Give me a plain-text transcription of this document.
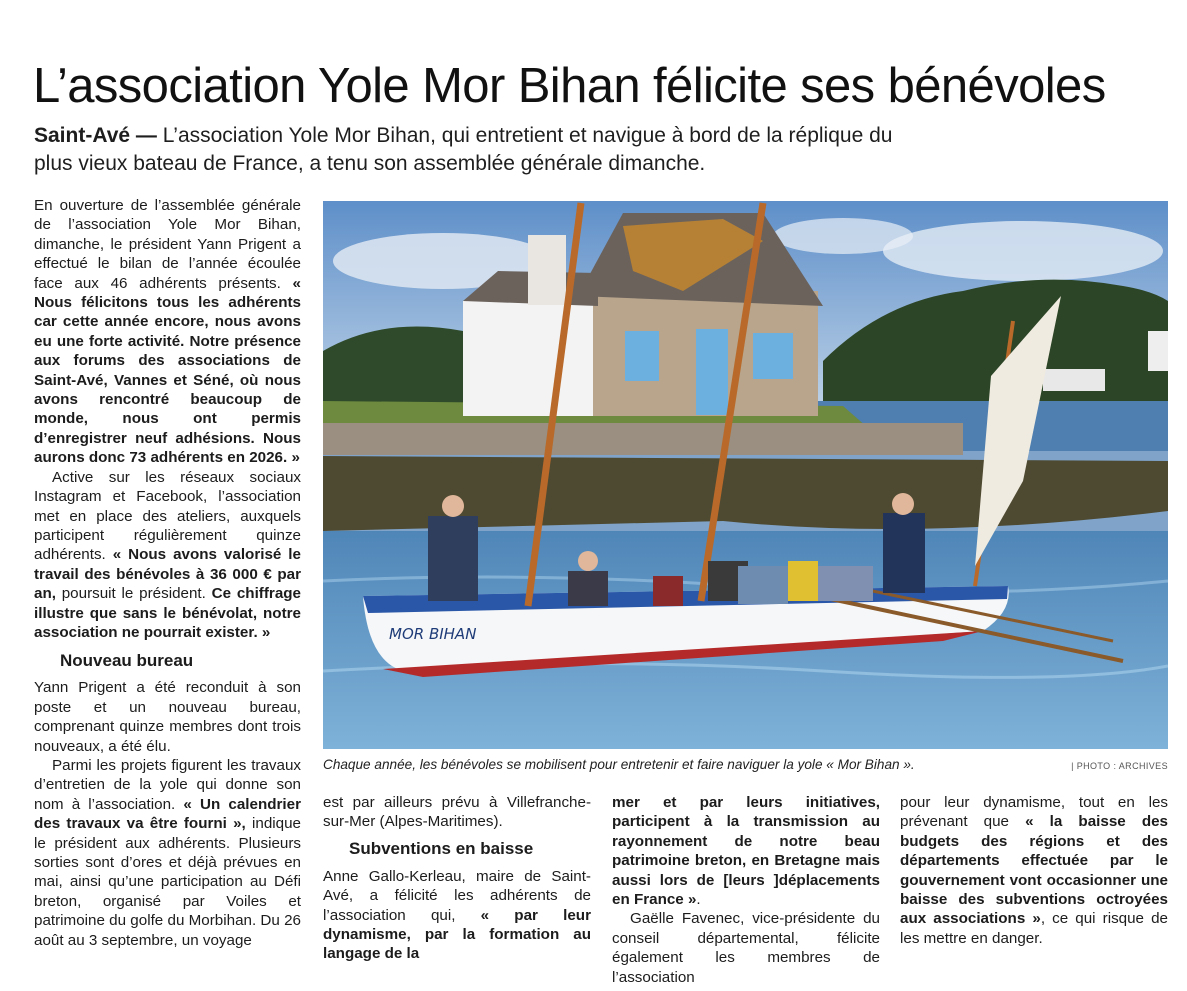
L’association Yole Mor Bihan félicite ses bénévoles
Saint-Avé — L’association Yole Mor Bihan, qui entretient et navigue à bord de la réplique du plus vieux bateau de France, a tenu son assemblée générale dimanche.

En ouverture de l’assemblée générale de l’association Yole Mor Bihan, dimanche, le président Yann Prigent a effectué le bilan de l’année écoulée face aux 46 adhérents présents. « Nous félicitons tous les adhérents car cette année encore, nous avons eu une forte activité. Notre présence aux forums des associations de Saint-Avé, Vannes et Séné, où nous avons rencontré beaucoup de monde, nous ont permis d’enregistrer neuf adhésions. Nous aurons donc 73 adhérents en 2026. »

Active sur les réseaux sociaux Instagram et Facebook, l’association met en place des ateliers, auxquels participent régulièrement quinze adhérents. « Nous avons valorisé le travail des bénévoles à 36 000 € par an, poursuit le président. Ce chiffrage illustre que sans le bénévolat, notre association ne pourrait exister. »

Nouveau bureau

Yann Prigent a été reconduit à son poste et un nouveau bureau, comprenant quinze membres dont trois nouveaux, a été élu.

Parmi les projets figurent les travaux d’entretien de la yole qui donne son nom à l’association. « Un calendrier des travaux va être fourni », indique le président aux adhérents. Plusieurs sorties sont d’ores et déjà prévues en mai, ainsi qu’une participation au Défi breton, organisé par Voiles et patrimoine du golfe du Morbihan. Du 26 août au 3 septembre, un voyage

MOR BIHAN
Chaque année, les bénévoles se mobilisent pour entretenir et faire naviguer la yole « Mor Bihan ».	| PHOTO : ARCHIVES

est par ailleurs prévu à Villefranche-sur-Mer (Alpes-Maritimes).

Subventions en baisse

Anne Gallo-Kerleau, maire de Saint-Avé, a félicité les adhérents de l’association qui, « par leur dynamisme, par la formation au langage de la

mer et par leurs initiatives, participent à la transmission au rayonnement de notre beau patrimoine breton, en Bretagne mais aussi lors de [leurs ]déplacements en France ».

Gaëlle Favenec, vice-présidente du conseil départemental, félicite également les membres de l’association

pour leur dynamisme, tout en les prévenant que « la baisse des budgets des régions et des départements effectuée par le gouvernement vont occasionner une baisse des subventions octroyées aux associations », ce qui risque de les mettre en danger.
